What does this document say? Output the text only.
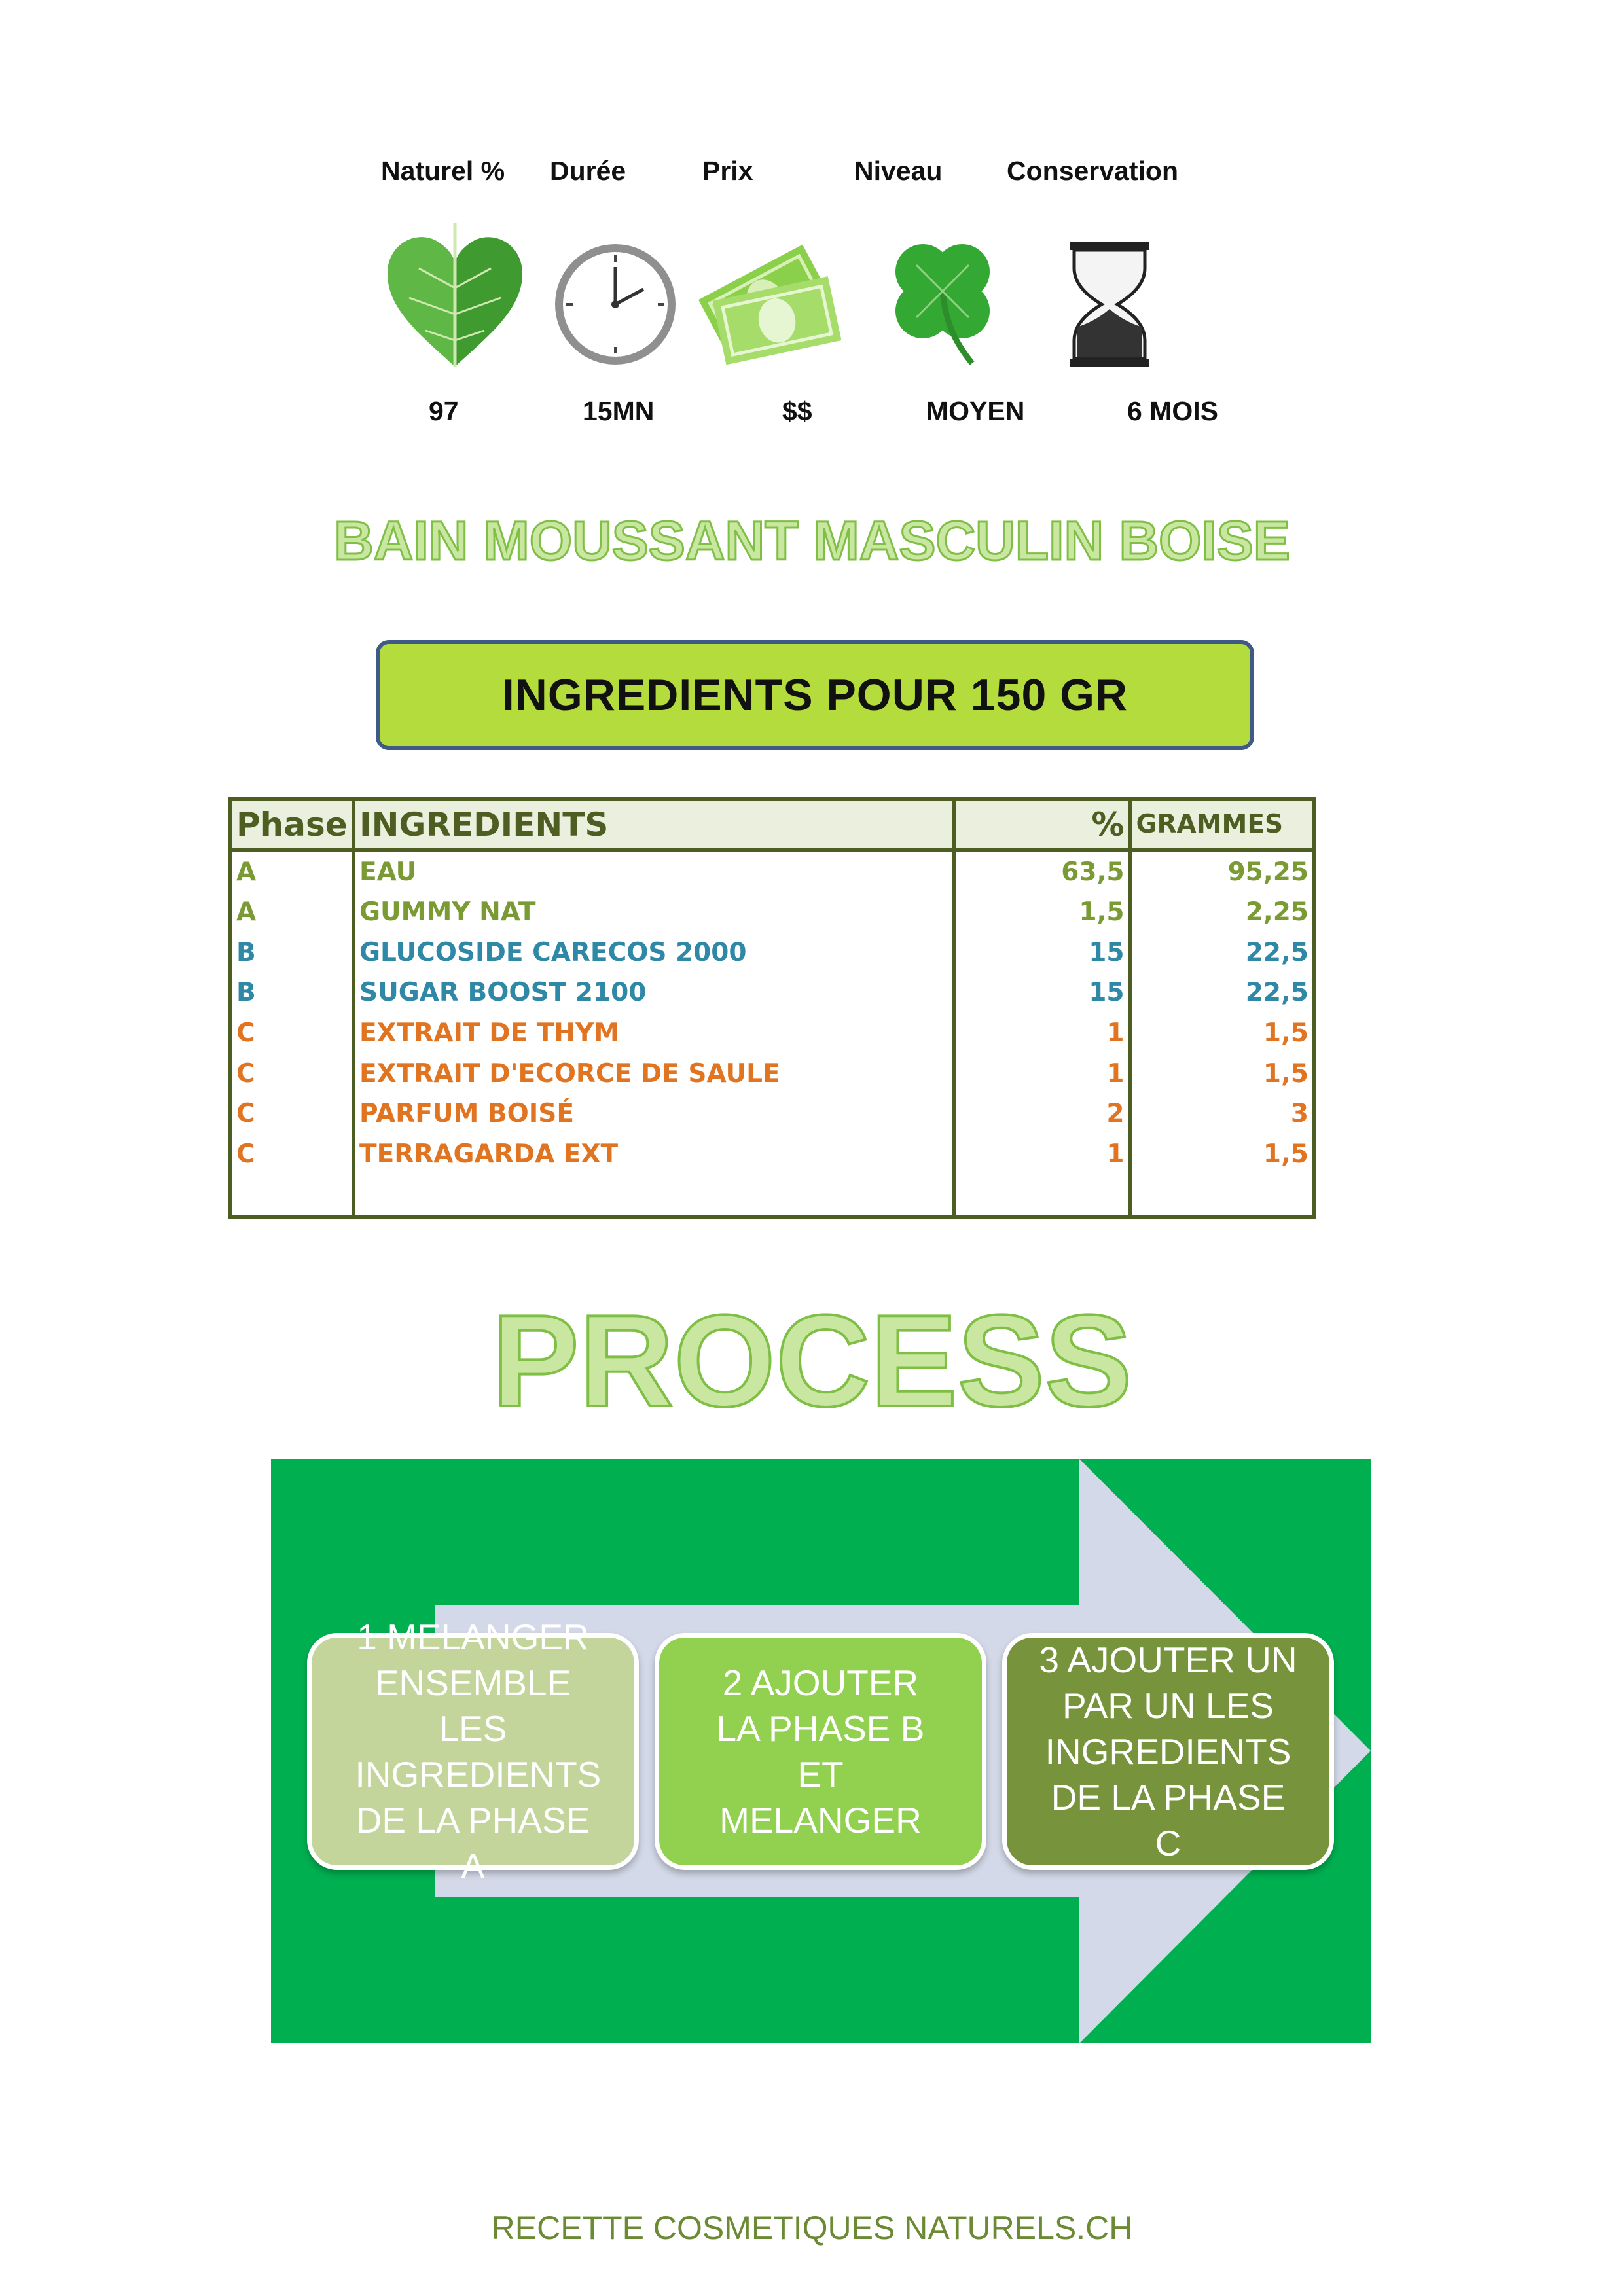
Naturel % Durée	Prix	Niveau Conservation
97	15MN	$$	MOYEN	6 MOIS
BAIN MOUSSANT MASCULIN BOISE
INGREDIENTS POUR 150 GR
Phase	INGREDIENTS	%	GRAMMES
A	EAU	63,5	95,25
A	GUMMY NAT	1,5	2,25
B	GLUCOSIDE CARECOS 2000	15	22,5
B	SUGAR BOOST 2100	15	22,5
C	EXTRAIT DE THYM	1	1,5
C	EXTRAIT D'ECORCE DE SAULE	1	1,5
C	PARFUM BOISÉ	2	3
C	TERRAGARDA EXT	1	1,5

PROCESS
1 MELANGER ENSEMBLE LES INGREDIENTS DE LA PHASE A
2 AJOUTER LA PHASE B ET MELANGER
3 AJOUTER UN PAR UN LES INGREDIENTS DE LA PHASE C
RECETTE COSMETIQUES NATURELS.CH
